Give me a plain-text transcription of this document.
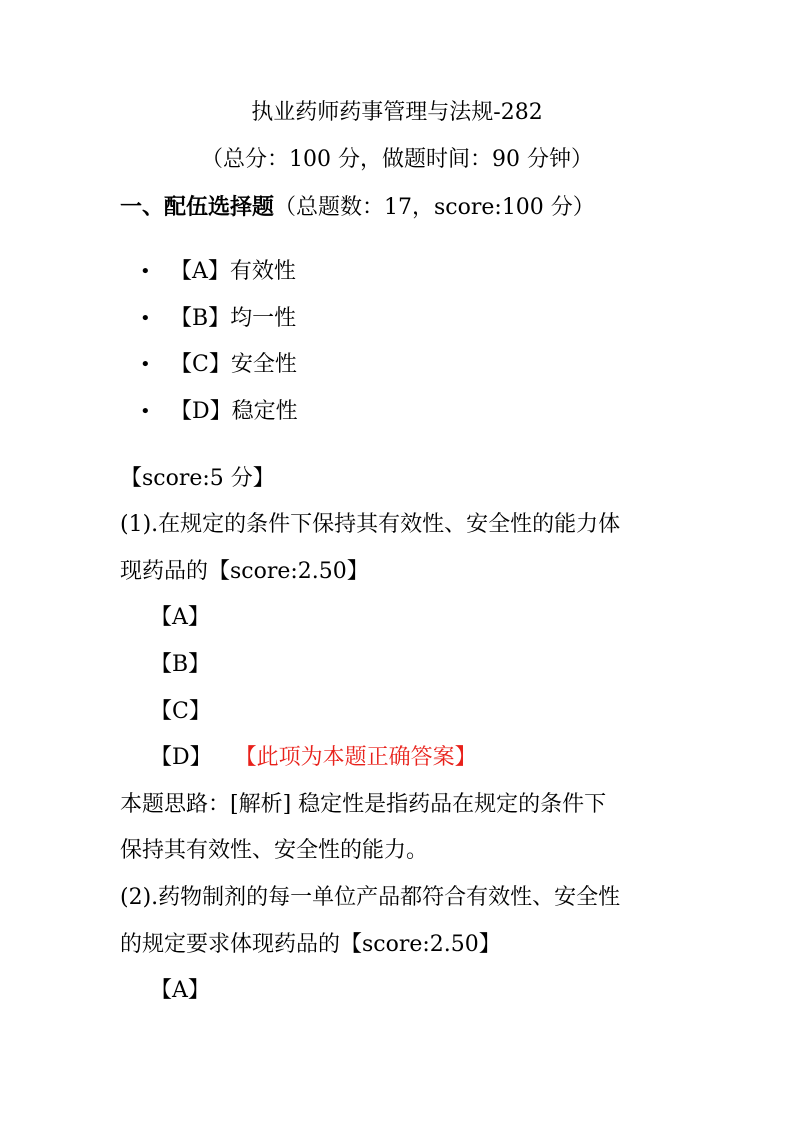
执业药师药事管理与法规-282
（总分：100 分，做题时间：90 分钟）
一、配伍选择题（总题数：17，score:100 分）
• 【A】有效性
• 【B】均一性
• 【C】安全性
• 【D】稳定性
【score:5 分】
(1).在规定的条件下保持其有效性、安全性的能力体
现药品的【score:2.50】
【A】
【B】
【C】
【D】 【此项为本题正确答案】
本题思路：[解析] 稳定性是指药品在规定的条件下
保持其有效性、安全性的能力。
(2).药物制剂的每一单位产品都符合有效性、安全性
的规定要求体现药品的【score:2.50】
【A】
